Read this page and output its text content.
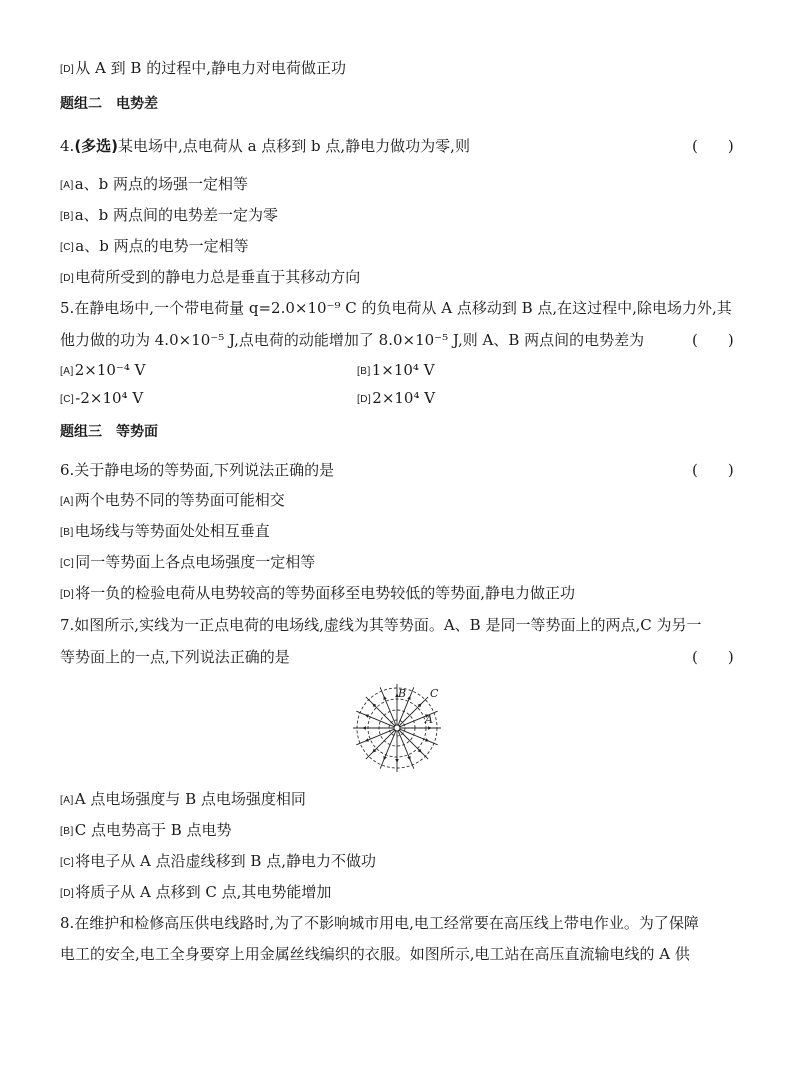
[D]从 A 到 B 的过程中,静电力对电荷做正功
题组二　电势差
4.(多选)某电场中,点电荷从 a 点移到 b 点,静电力做功为零,则	(　　)
[A]a、b 两点的场强一定相等
[B]a、b 两点间的电势差一定为零
[C]a、b 两点的电势一定相等
[D]电荷所受到的静电力总是垂直于其移动方向
5.在静电场中,一个带电荷量 q=2.0×10⁻⁹ C 的负电荷从 A 点移动到 B 点,在这过程中,除电场力外,其
他力做的功为 4.0×10⁻⁵ J,点电荷的动能增加了 8.0×10⁻⁵ J,则 A、B 两点间的电势差为	(　　)
[A]2×10⁻⁴ V	[B]1×10⁴ V
[C]-2×10⁴ V	[D]2×10⁴ V
题组三　等势面
6.关于静电场的等势面,下列说法正确的是	(　　)
[A]两个电势不同的等势面可能相交
[B]电场线与等势面处处相互垂直
[C]同一等势面上各点电场强度一定相等
[D]将一负的检验电荷从电势较高的等势面移至电势较低的等势面,静电力做正功
7.如图所示,实线为一正点电荷的电场线,虚线为其等势面。A、B 是同一等势面上的两点,C 为另一
等势面上的一点,下列说法正确的是	(　　)
B C
A
[A]A 点电场强度与 B 点电场强度相同
[B]C 点电势高于 B 点电势
[C]将电子从 A 点沿虚线移到 B 点,静电力不做功
[D]将质子从 A 点移到 C 点,其电势能增加
8.在维护和检修高压供电线路时,为了不影响城市用电,电工经常要在高压线上带电作业。为了保障
电工的安全,电工全身要穿上用金属丝线编织的衣服。如图所示,电工站在高压直流输电线的 A 供
